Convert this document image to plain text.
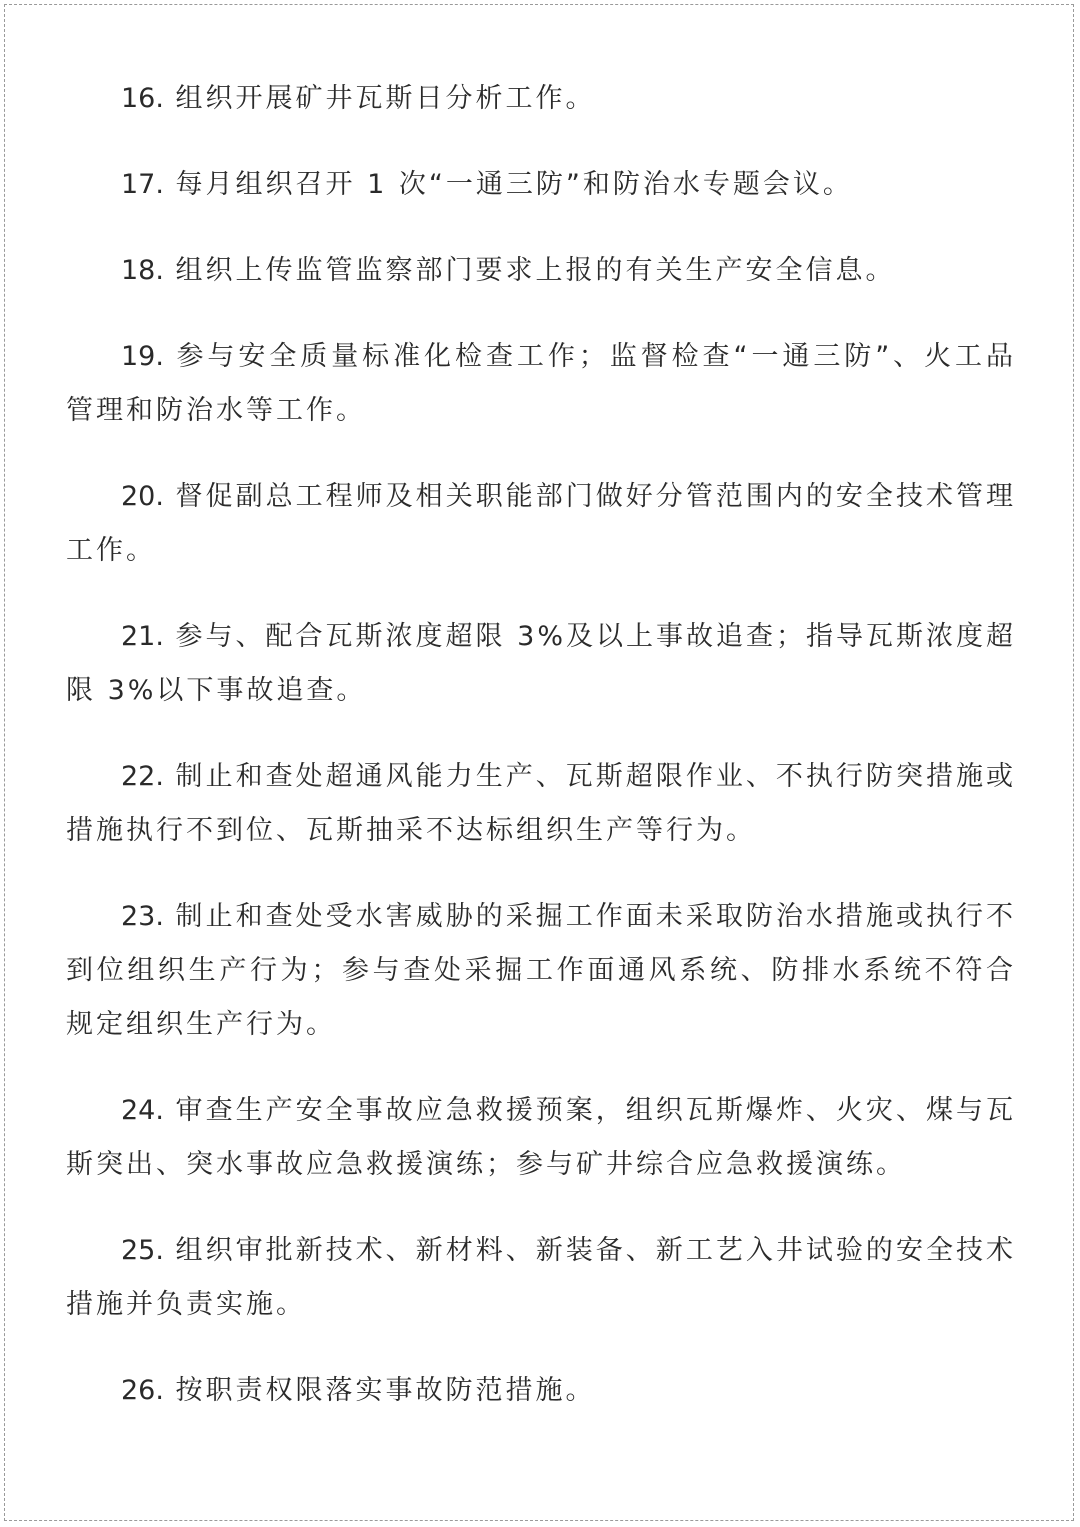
16. 组织开展矿井瓦斯日分析工作。

17. 每月组织召开 1 次“一通三防”和防治水专题会议。

18. 组织上传监管监察部门要求上报的有关生产安全信息。

19. 参与安全质量标准化检查工作；监督检查“一通三防”、火工品管理和防治水等工作。

20. 督促副总工程师及相关职能部门做好分管范围内的安全技术管理工作。

21. 参与、配合瓦斯浓度超限 3%及以上事故追查；指导瓦斯浓度超限 3%以下事故追查。

22. 制止和查处超通风能力生产、瓦斯超限作业、不执行防突措施或措施执行不到位、瓦斯抽采不达标组织生产等行为。

23. 制止和查处受水害威胁的采掘工作面未采取防治水措施或执行不到位组织生产行为；参与查处采掘工作面通风系统、防排水系统不符合规定组织生产行为。

24. 审查生产安全事故应急救援预案，组织瓦斯爆炸、火灾、煤与瓦斯突出、突水事故应急救援演练；参与矿井综合应急救援演练。

25. 组织审批新技术、新材料、新装备、新工艺入井试验的安全技术措施并负责实施。

26. 按职责权限落实事故防范措施。
